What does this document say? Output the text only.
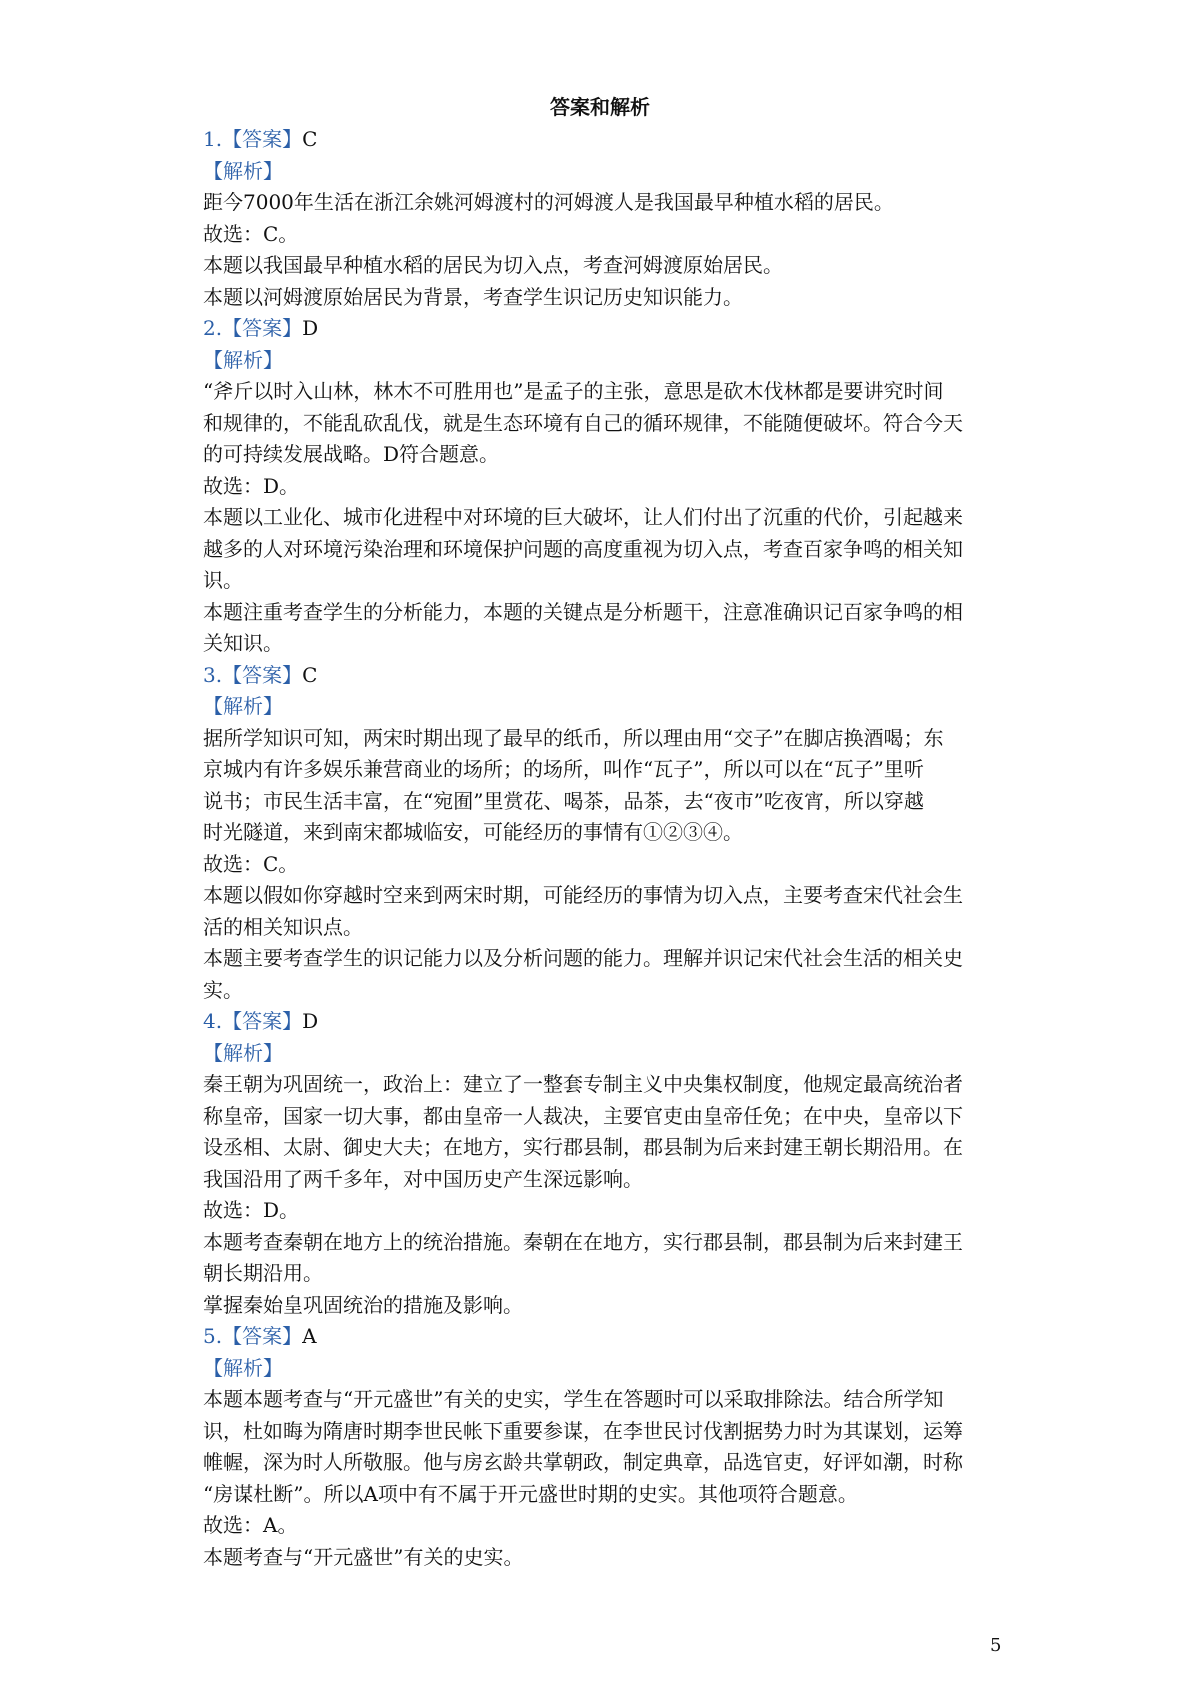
答案和解析
1.【答案】C
【解析】
距今7000年生活在浙江余姚河姆渡村的河姆渡人是我国最早种植水稻的居民。
故选：C。
本题以我国最早种植水稻的居民为切入点，考查河姆渡原始居民。
本题以河姆渡原始居民为背景，考查学生识记历史知识能力。
2.【答案】D
【解析】
“斧斤以时入山林，林木不可胜用也”是孟子的主张，意思是砍木伐林都是要讲究时间
和规律的，不能乱砍乱伐，就是生态环境有自己的循环规律，不能随便破坏。符合今天
的可持续发展战略。D符合题意。
故选：D。
本题以工业化、城市化进程中对环境的巨大破坏，让人们付出了沉重的代价，引起越来
越多的人对环境污染治理和环境保护问题的高度重视为切入点，考查百家争鸣的相关知
识。
本题注重考查学生的分析能力，本题的关键点是分析题干，注意准确识记百家争鸣的相
关知识。
3.【答案】C
【解析】
据所学知识可知，两宋时期出现了最早的纸币，所以理由用“交子”在脚店换酒喝；东
京城内有许多娱乐兼营商业的场所；的场所，叫作“瓦子”，所以可以在“瓦子”里听
说书；市民生活丰富，在“宛囿”里赏花、喝茶，品茶，去“夜市”吃夜宵，所以穿越
时光隧道，来到南宋都城临安，可能经历的事情有①②③④。
故选：C。
本题以假如你穿越时空来到两宋时期，可能经历的事情为切入点，主要考查宋代社会生
活的相关知识点。
本题主要考查学生的识记能力以及分析问题的能力。理解并识记宋代社会生活的相关史
实。
4.【答案】D
【解析】
秦王朝为巩固统一，政治上：建立了一整套专制主义中央集权制度，他规定最高统治者
称皇帝，国家一切大事，都由皇帝一人裁决，主要官吏由皇帝任免；在中央，皇帝以下
设丞相、太尉、御史大夫；在地方，实行郡县制，郡县制为后来封建王朝长期沿用。在
我国沿用了两千多年，对中国历史产生深远影响。
故选：D。
本题考查秦朝在地方上的统治措施。秦朝在在地方，实行郡县制，郡县制为后来封建王
朝长期沿用。
掌握秦始皇巩固统治的措施及影响。
5.【答案】A
【解析】
本题本题考查与“开元盛世”有关的史实，学生在答题时可以采取排除法。结合所学知
识，杜如晦为隋唐时期李世民帐下重要参谋，在李世民讨伐割据势力时为其谋划，运筹
帷幄，深为时人所敬服。他与房玄龄共掌朝政，制定典章，品选官吏，好评如潮，时称
“房谋杜断”。所以A项中有不属于开元盛世时期的史实。其他项符合题意。
故选：A。
本题考查与“开元盛世”有关的史实。
5
